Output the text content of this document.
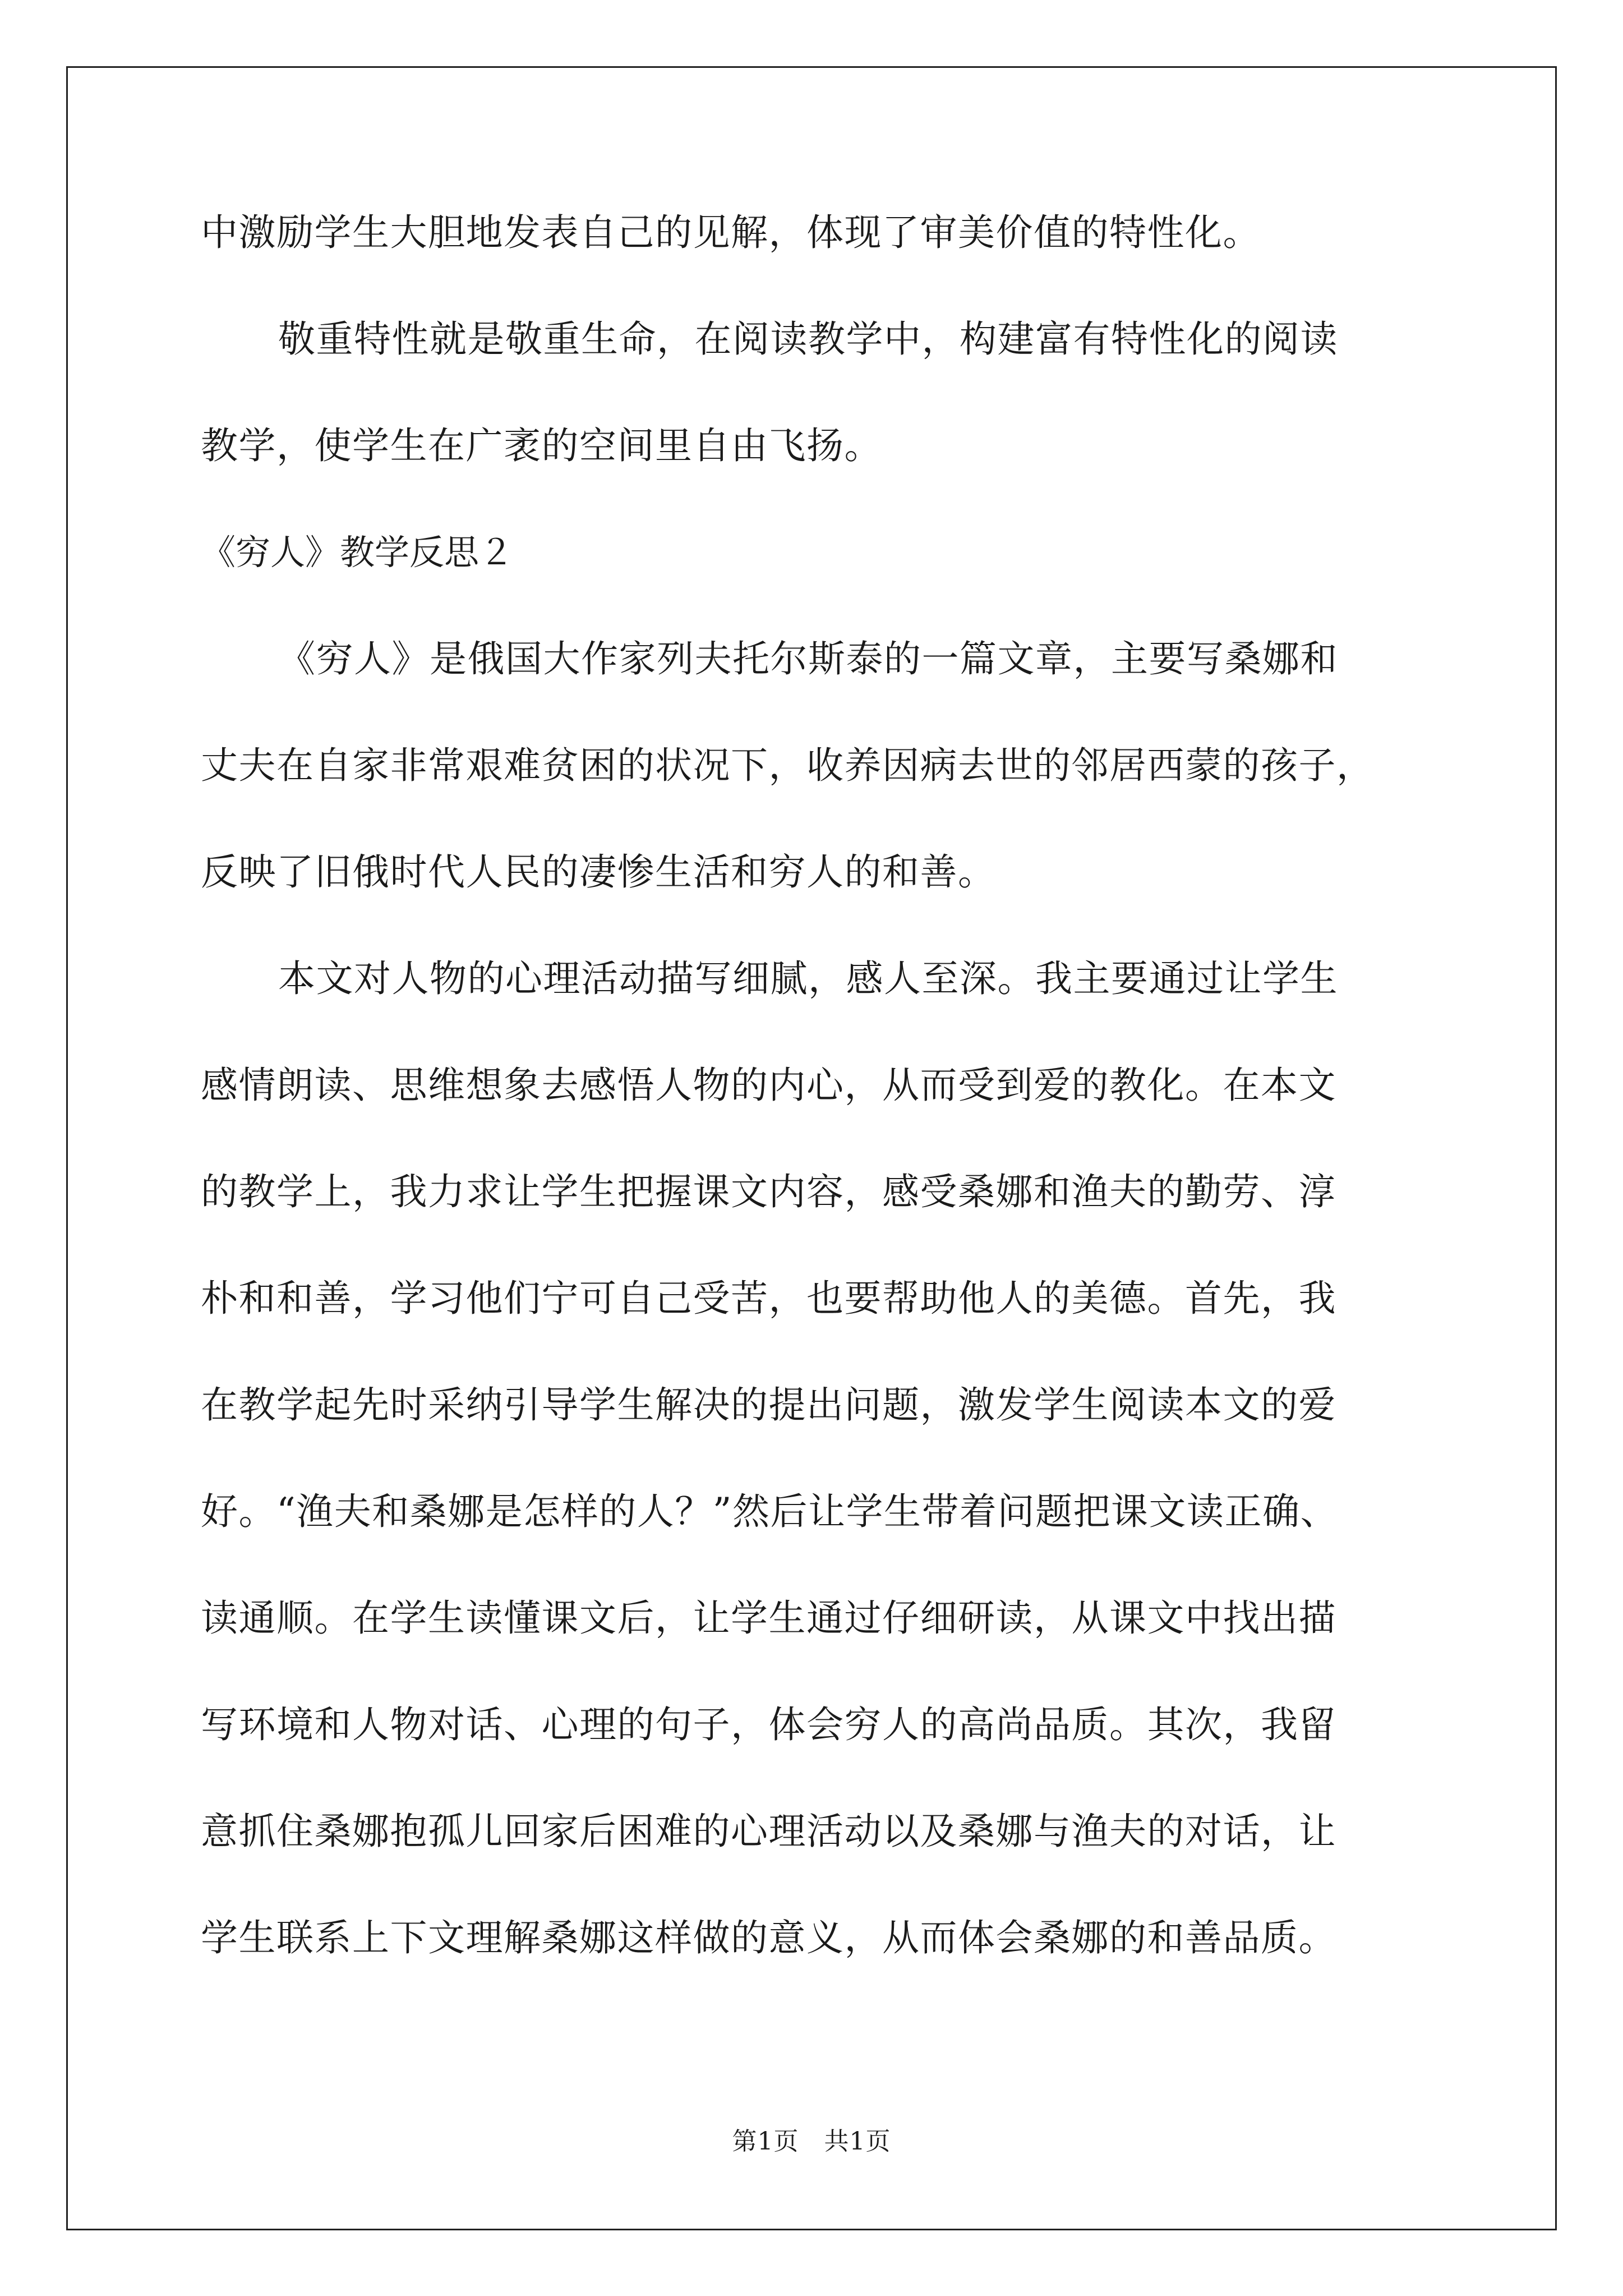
中激励学生大胆地发表自己的见解，体现了审美价值的特性化。
敬重特性就是敬重生命，在阅读教学中，构建富有特性化的阅读
教学，使学生在广袤的空间里自由飞扬。
《穷人》教学反思２
《穷人》是俄国大作家列夫托尔斯泰的一篇文章，主要写桑娜和
丈夫在自家非常艰难贫困的状况下，收养因病去世的邻居西蒙的孩子，
反映了旧俄时代人民的凄惨生活和穷人的和善。
本文对人物的心理活动描写细腻，感人至深。我主要通过让学生
感情朗读、思维想象去感悟人物的内心，从而受到爱的教化。在本文
的教学上，我力求让学生把握课文内容，感受桑娜和渔夫的勤劳、淳
朴和和善，学习他们宁可自己受苦，也要帮助他人的美德。首先，我
在教学起先时采纳引导学生解决的提出问题，激发学生阅读本文的爱
好。“渔夫和桑娜是怎样的人？”然后让学生带着问题把课文读正确、
读通顺。在学生读懂课文后，让学生通过仔细研读，从课文中找出描
写环境和人物对话、心理的句子，体会穷人的高尚品质。其次，我留
意抓住桑娜抱孤儿回家后困难的心理活动以及桑娜与渔夫的对话，让
学生联系上下文理解桑娜这样做的意义，从而体会桑娜的和善品质。
第1页　共1页
